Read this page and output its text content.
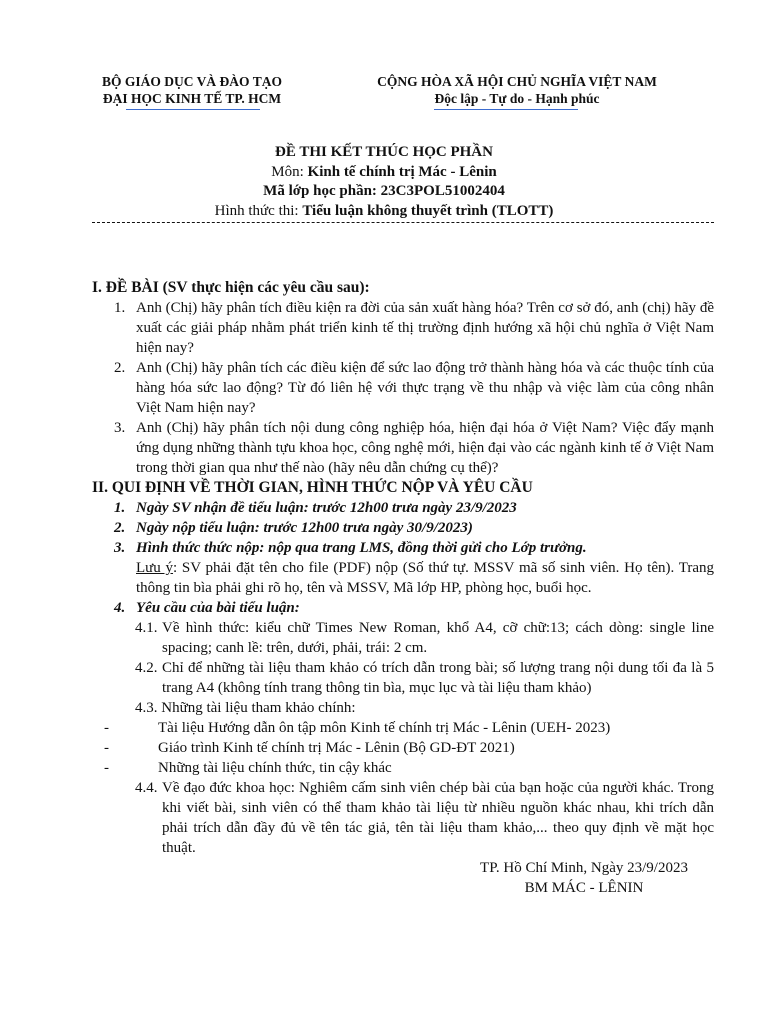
BỘ GIÁO DỤC VÀ ĐÀO TẠO
ĐẠI HỌC KINH TẾ TP. HCM
CỘNG HÒA XÃ HỘI CHỦ NGHĨA VIỆT NAM
Độc lập - Tự do - Hạnh phúc
ĐỀ THI KẾT THÚC HỌC PHẦN
Môn: Kinh tế chính trị Mác - Lênin
Mã lớp học phần: 23C3POL51002404
Hình thức thi: Tiểu luận không thuyết trình (TLOTT)
I. ĐỀ BÀI (SV thực hiện các yêu cầu sau):
1. Anh (Chị) hãy phân tích điều kiện ra đời của sản xuất hàng hóa? Trên cơ sở đó, anh (chị) hãy đề xuất các giải pháp nhằm phát triển kinh tế thị trường định hướng xã hội chủ nghĩa ở Việt Nam hiện nay?
2. Anh (Chị) hãy phân tích các điều kiện để sức lao động trở thành hàng hóa và các thuộc tính của hàng hóa sức lao động? Từ đó liên hệ với thực trạng về thu nhập và việc làm của công nhân Việt Nam hiện nay?
3. Anh (Chị) hãy phân tích nội dung công nghiệp hóa, hiện đại hóa ở Việt Nam? Việc đẩy mạnh ứng dụng những thành tựu khoa học, công nghệ mới, hiện đại vào các ngành kinh tế ở Việt Nam trong thời gian qua như thế nào (hãy nêu dẫn chứng cụ thể)?
II. QUI ĐỊNH VỀ THỜI GIAN, HÌNH THỨC NỘP VÀ YÊU CẦU
1. Ngày SV nhận đề tiểu luận: trước 12h00 trưa ngày 23/9/2023
2. Ngày nộp tiểu luận: trước 12h00 trưa ngày 30/9/2023)
3. Hình thức thức nộp: nộp qua trang LMS, đồng thời gửi cho Lớp trưởng.
Lưu ý: SV phải đặt tên cho file (PDF) nộp (Số thứ tự. MSSV mã số sinh viên. Họ tên). Trang thông tin bìa phải ghi rõ họ, tên và MSSV, Mã lớp HP, phòng học, buổi học.
4. Yêu cầu của bài tiểu luận:
4.1. Về hình thức: kiểu chữ Times New Roman, khổ A4, cỡ chữ:13; cách dòng: single line spacing; canh lề: trên, dưới, phải, trái: 2 cm.
4.2. Chỉ để những tài liệu tham khảo có trích dẫn trong bài; số lượng trang nội dung tối đa là 5 trang A4 (không tính trang thông tin bìa, mục lục và tài liệu tham khảo)
4.3. Những tài liệu tham khảo chính:
-	Tài liệu Hướng dẫn ôn tập môn Kinh tế chính trị Mác - Lênin (UEH- 2023)
-	Giáo trình Kinh tế chính trị Mác - Lênin (Bộ GD-ĐT 2021)
-	Những tài liệu chính thức, tin cậy khác
4.4. Về đạo đức khoa học: Nghiêm cấm sinh viên chép bài của bạn hoặc của người khác. Trong khi viết bài, sinh viên có thể tham khảo tài liệu từ nhiều nguồn khác nhau, khi trích dẫn phải trích dẫn đầy đủ về tên tác giả, tên tài liệu tham khảo,... theo quy định về mặt học thuật.
TP. Hồ Chí Minh, Ngày 23/9/2023
BM MÁC - LÊNIN
